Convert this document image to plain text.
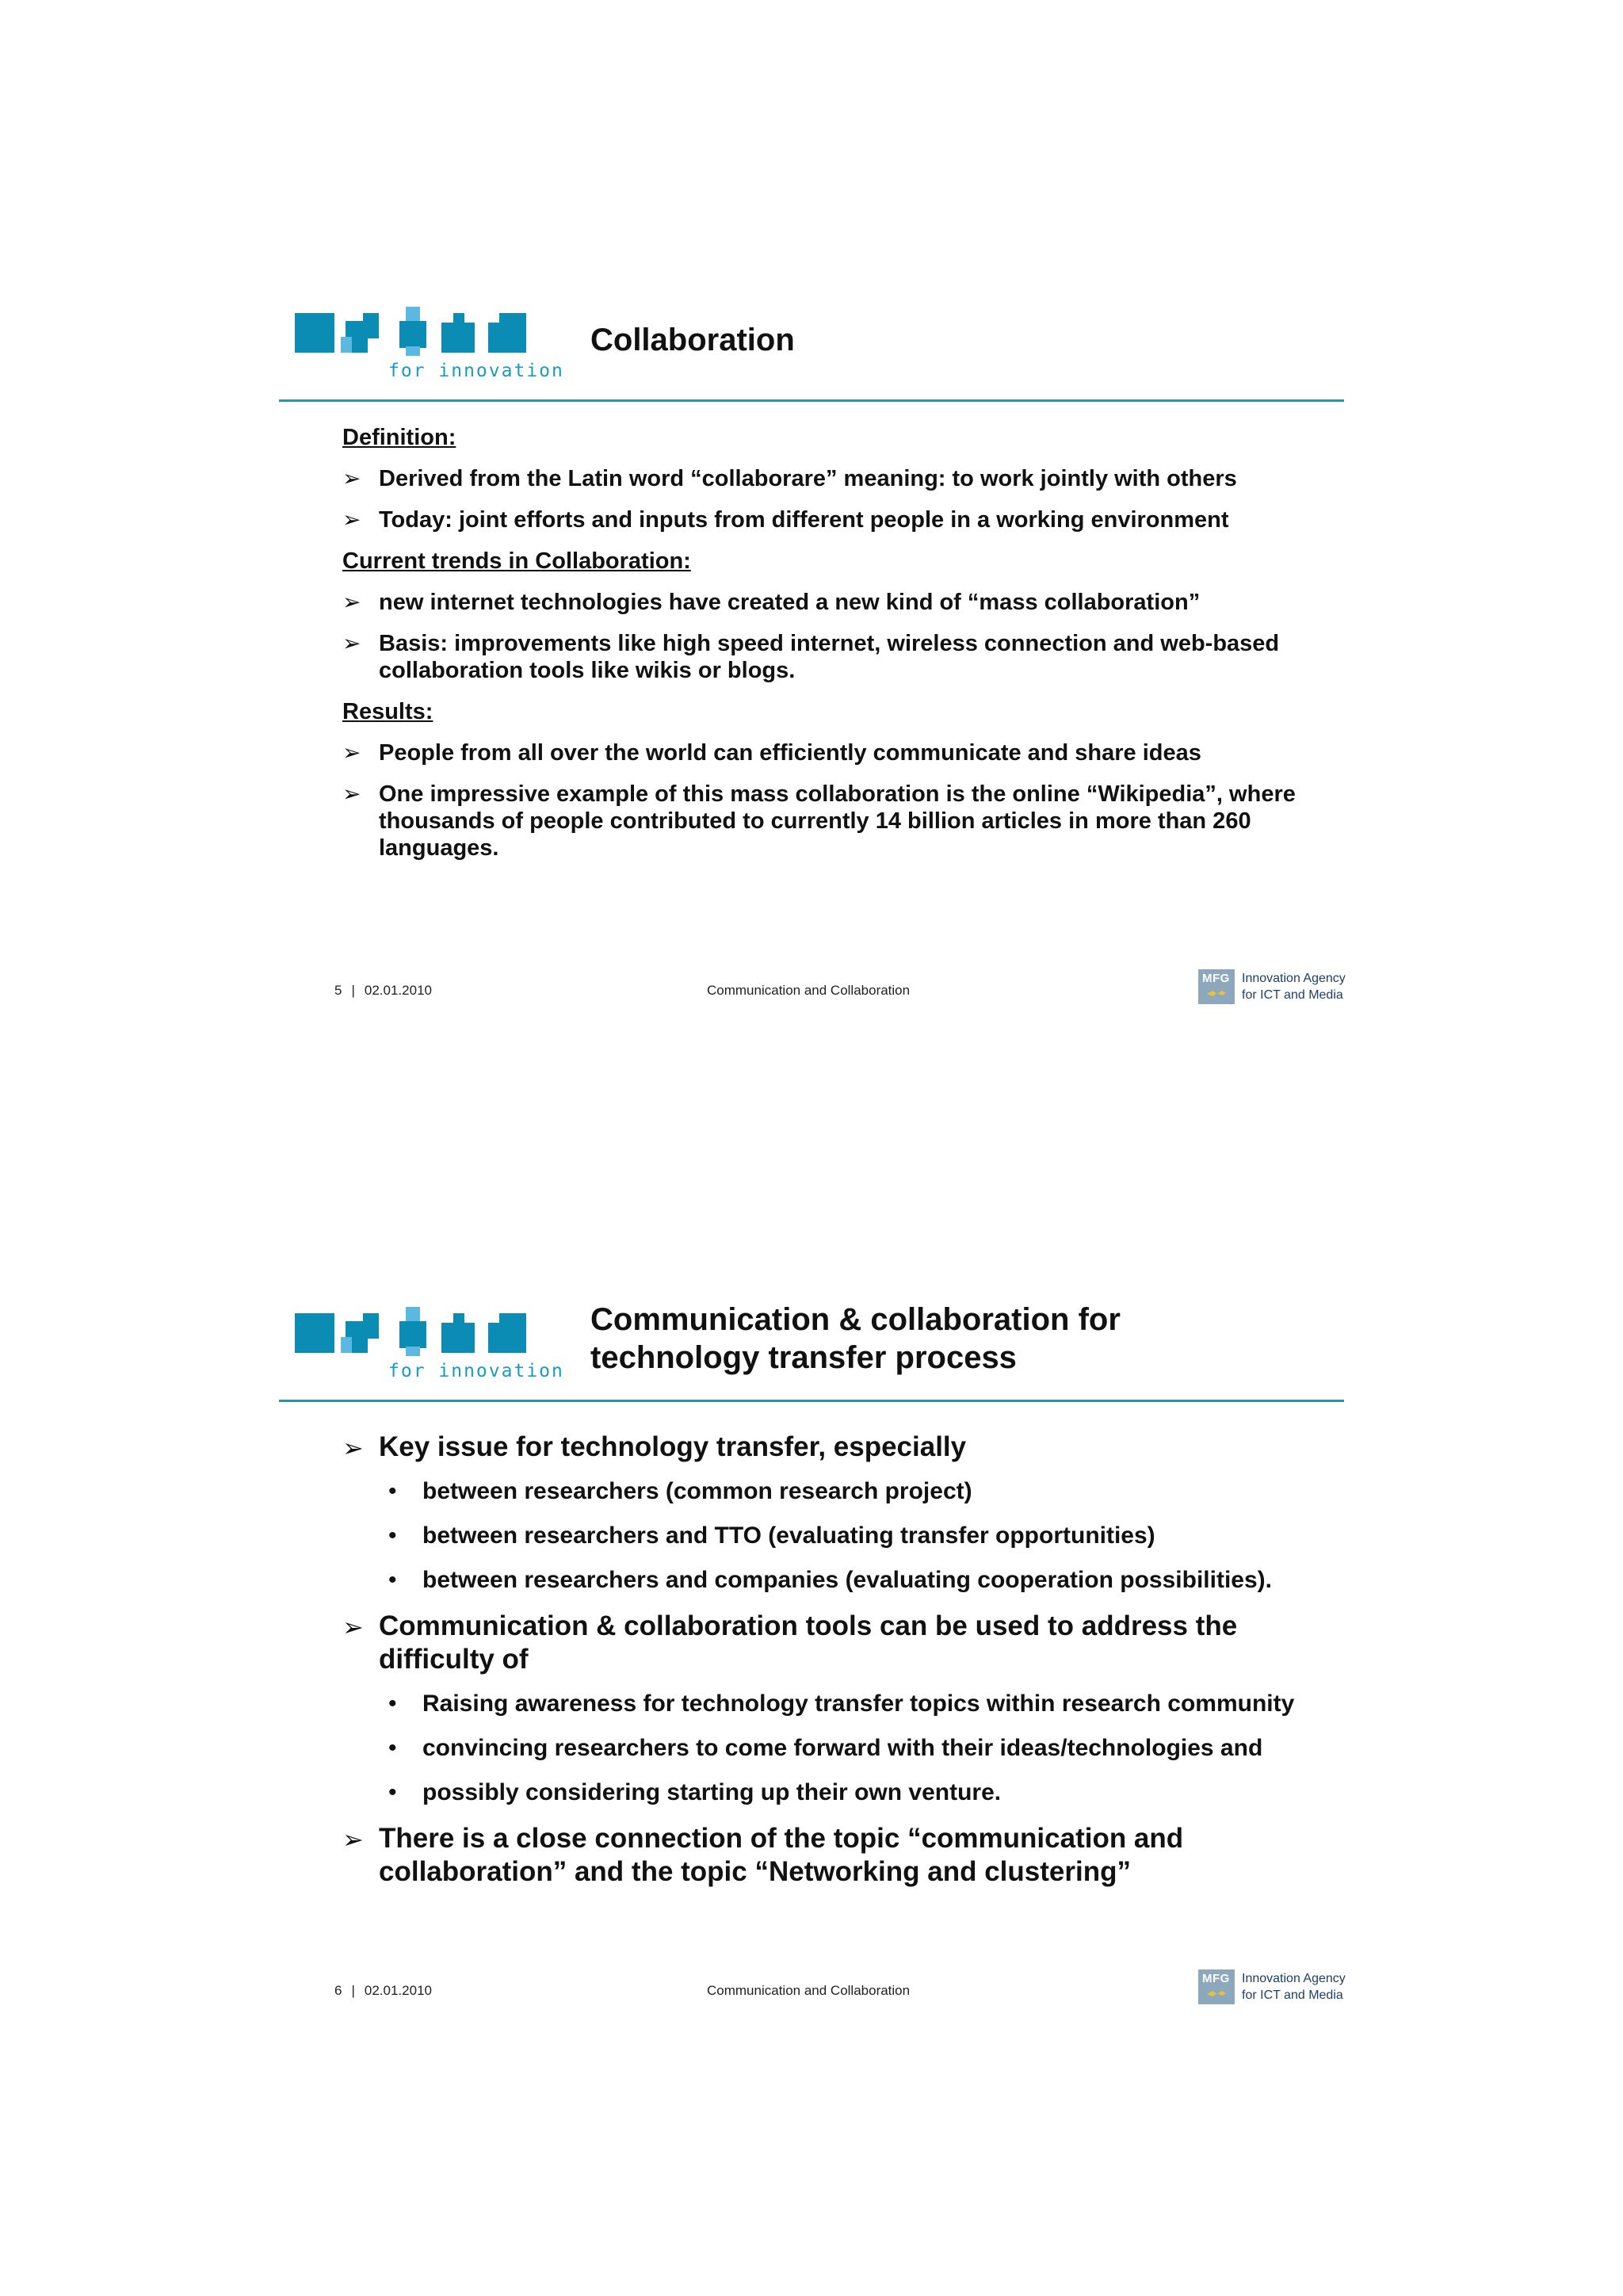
for innovation
Collaboration
Definition:
➢ Derived from the Latin word “collaborare” meaning: to work jointly with others
➢ Today: joint efforts and inputs from different people in a working environment
Current trends in Collaboration:
➢ new internet technologies have created a new kind of “mass collaboration”
➢ Basis: improvements like high speed internet, wireless connection and web-based collaboration tools like wikis or blogs.
Results:
➢ People from all over the world can efficiently communicate and share ideas
➢ One impressive example of this mass collaboration is the online “Wikipedia”, where thousands of people contributed to currently 14 billion articles in more than 260 languages.
5 | 02.01.2010	Communication and Collaboration
MFG Innovation Agency
for ICT and Media
for innovation
Communication & collaboration for
technology transfer process
➢ Key issue for technology transfer, especially
• between researchers (common research project)
• between researchers and TTO (evaluating transfer opportunities)
• between researchers and companies (evaluating cooperation possibilities).
➢ Communication & collaboration tools can be used to address the difficulty of
• Raising awareness for technology transfer topics within research community
• convincing researchers to come forward with their ideas/technologies and
• possibly considering starting up their own venture.
➢ There is a close connection of the topic “communication and collaboration” and the topic “Networking and clustering”
6 | 02.01.2010	Communication and Collaboration
MFG Innovation Agency
for ICT and Media
